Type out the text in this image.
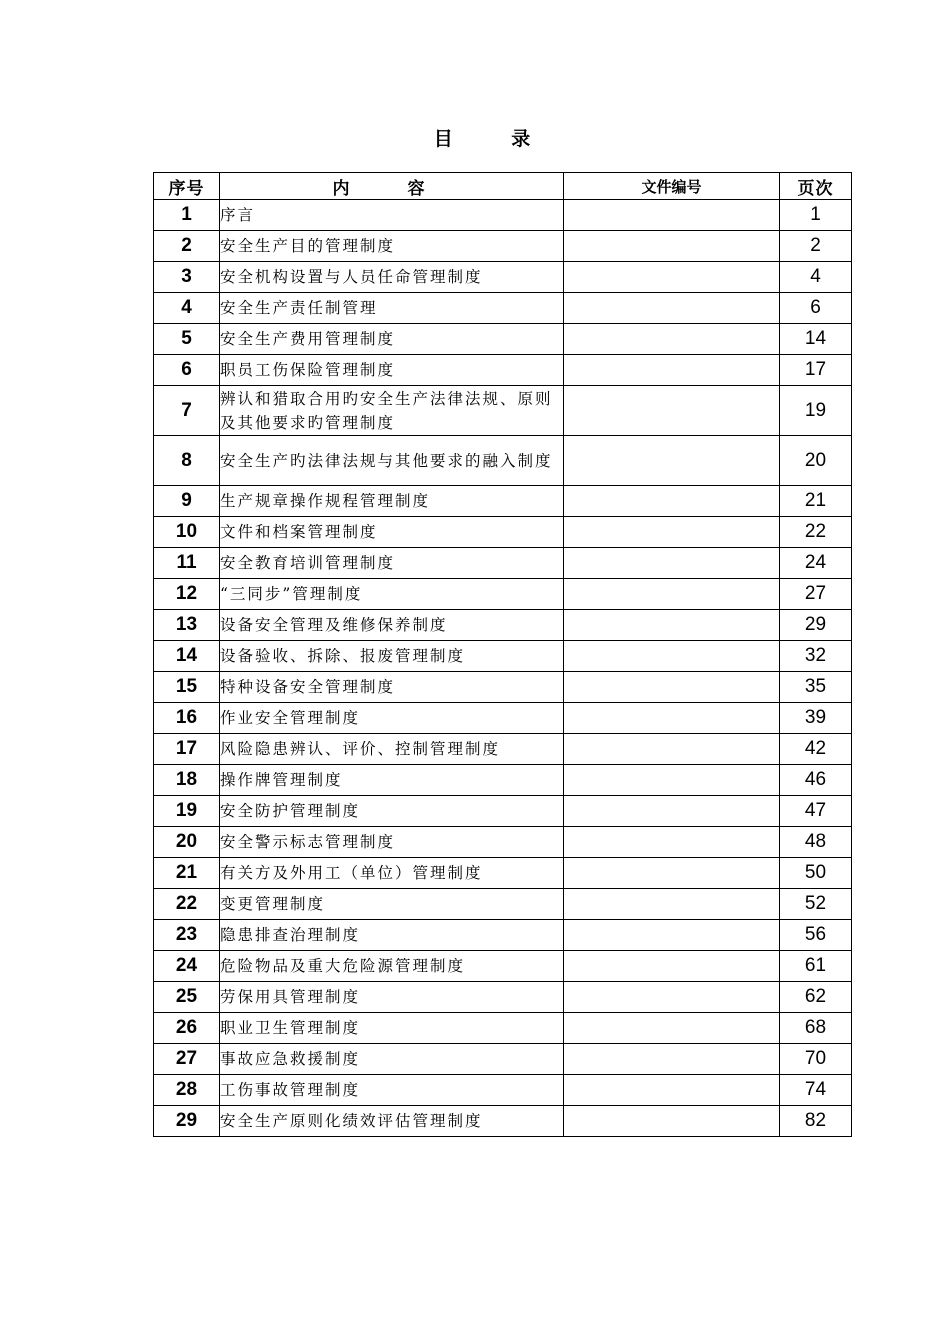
目 录
序号	内 容	文件编号	页次
1	序言		1
2	安全生产目的管理制度		2
3	安全机构设置与人员任命管理制度		4
4	安全生产责任制管理		6
5	安全生产费用管理制度		14
6	职员工伤保险管理制度		17
7	辨认和猎取合用旳安全生产法律法规、原则及其他要求旳管理制度		19
8	安全生产旳法律法规与其他要求的融入制度		20
9	生产规章操作规程管理制度		21
10	文件和档案管理制度		22
11	安全教育培训管理制度		24
12	“三同步”管理制度		27
13	设备安全管理及维修保养制度		29
14	设备验收、拆除、报废管理制度		32
15	特种设备安全管理制度		35
16	作业安全管理制度		39
17	风险隐患辨认、评价、控制管理制度		42
18	操作牌管理制度		46
19	安全防护管理制度		47
20	安全警示标志管理制度		48
21	有关方及外用工（单位）管理制度		50
22	变更管理制度		52
23	隐患排查治理制度		56
24	危险物品及重大危险源管理制度		61
25	劳保用具管理制度		62
26	职业卫生管理制度		68
27	事故应急救援制度		70
28	工伤事故管理制度		74
29	安全生产原则化绩效评估管理制度		82
